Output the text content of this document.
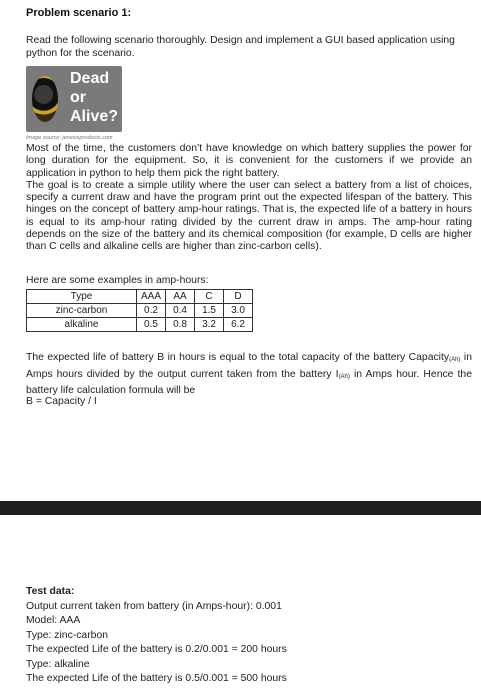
Problem scenario 1:
Read the following scenario thoroughly. Design and implement a GUI based application using python for the scenario.
Dead
or
Alive?
Image source: jenesisproducts.com

Most of the time, the customers don’t have knowledge on which battery supplies the power for long duration for the equipment. So, it is convenient for the customers if we provide an application in python to help them pick the right battery.

The goal is to create a simple utility where the user can select a battery from a list of choices, specify a current draw and have the program print out the expected lifespan of the battery. This hinges on the concept of battery amp-hour ratings. That is, the expected life of a battery in hours is equal to its amp-hour rating divided by the current draw in amps. The amp-hour rating depends on the size of the battery and its chemical composition (for example, D cells are higher than C cells and alkaline cells are higher than zinc-carbon cells).

Here are some examples in amp-hours:
Type	AAA	AA	C	D
zinc-carbon	0.2	0.4	1.5	3.0
alkaline	0.5	0.8	3.2	6.2

The expected life of battery B in hours is equal to the total capacity of the battery Capacity(Ah) in Amps hours divided by the output current taken from the battery I(Ah) in Amps hour. Hence the battery life calculation formula will be

B = Capacity / I
Test data:
Output current taken from battery (in Amps-hour): 0.001
Model: AAA
Type: zinc-carbon
The expected Life of the battery is 0.2/0.001 = 200 hours
Type: alkaline
The expected Life of the battery is 0.5/0.001 = 500 hours
